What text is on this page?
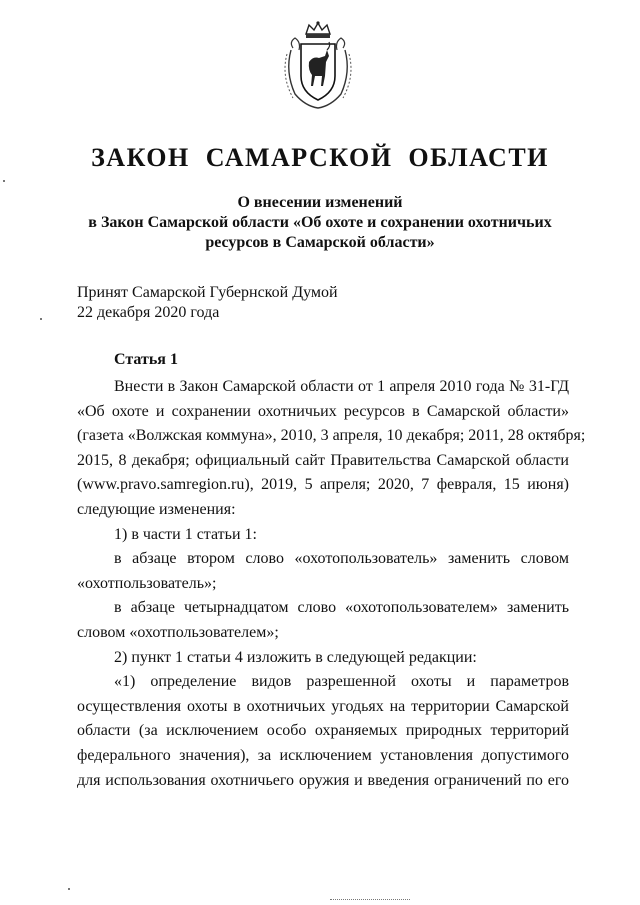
ЗАКОН САМАРСКОЙ ОБЛАСТИ
О внесении изменений
в Закон Самарской области «Об охоте и сохранении охотничьих
ресурсов в Самарской области»
Принят Самарской Губернской Думой
22 декабря 2020 года
Статья 1
Внести в Закон Самарской области от 1 апреля 2010 года № 31-ГД
«Об охоте и сохранении охотничьих ресурсов в Самарской области»
(газета «Волжская коммуна», 2010, 3 апреля, 10 декабря; 2011, 28 октября;
2015, 8 декабря; официальный сайт Правительства Самарской области
(www.pravo.samregion.ru), 2019, 5 апреля; 2020, 7 февраля, 15 июня)
следующие изменения:
1) в части 1 статьи 1:
в абзаце втором слово «охотопользователь» заменить словом
«охотпользователь»;
в абзаце четырнадцатом слово «охотопользователем» заменить
словом «охотпользователем»;
2) пункт 1 статьи 4 изложить в следующей редакции:
«1) определение видов разрешенной охоты и параметров
осуществления охоты в охотничьих угодьях на территории Самарской
области (за исключением особо охраняемых природных территорий
федерального значения), за исключением установления допустимого
для использования охотничьего оружия и введения ограничений по его
